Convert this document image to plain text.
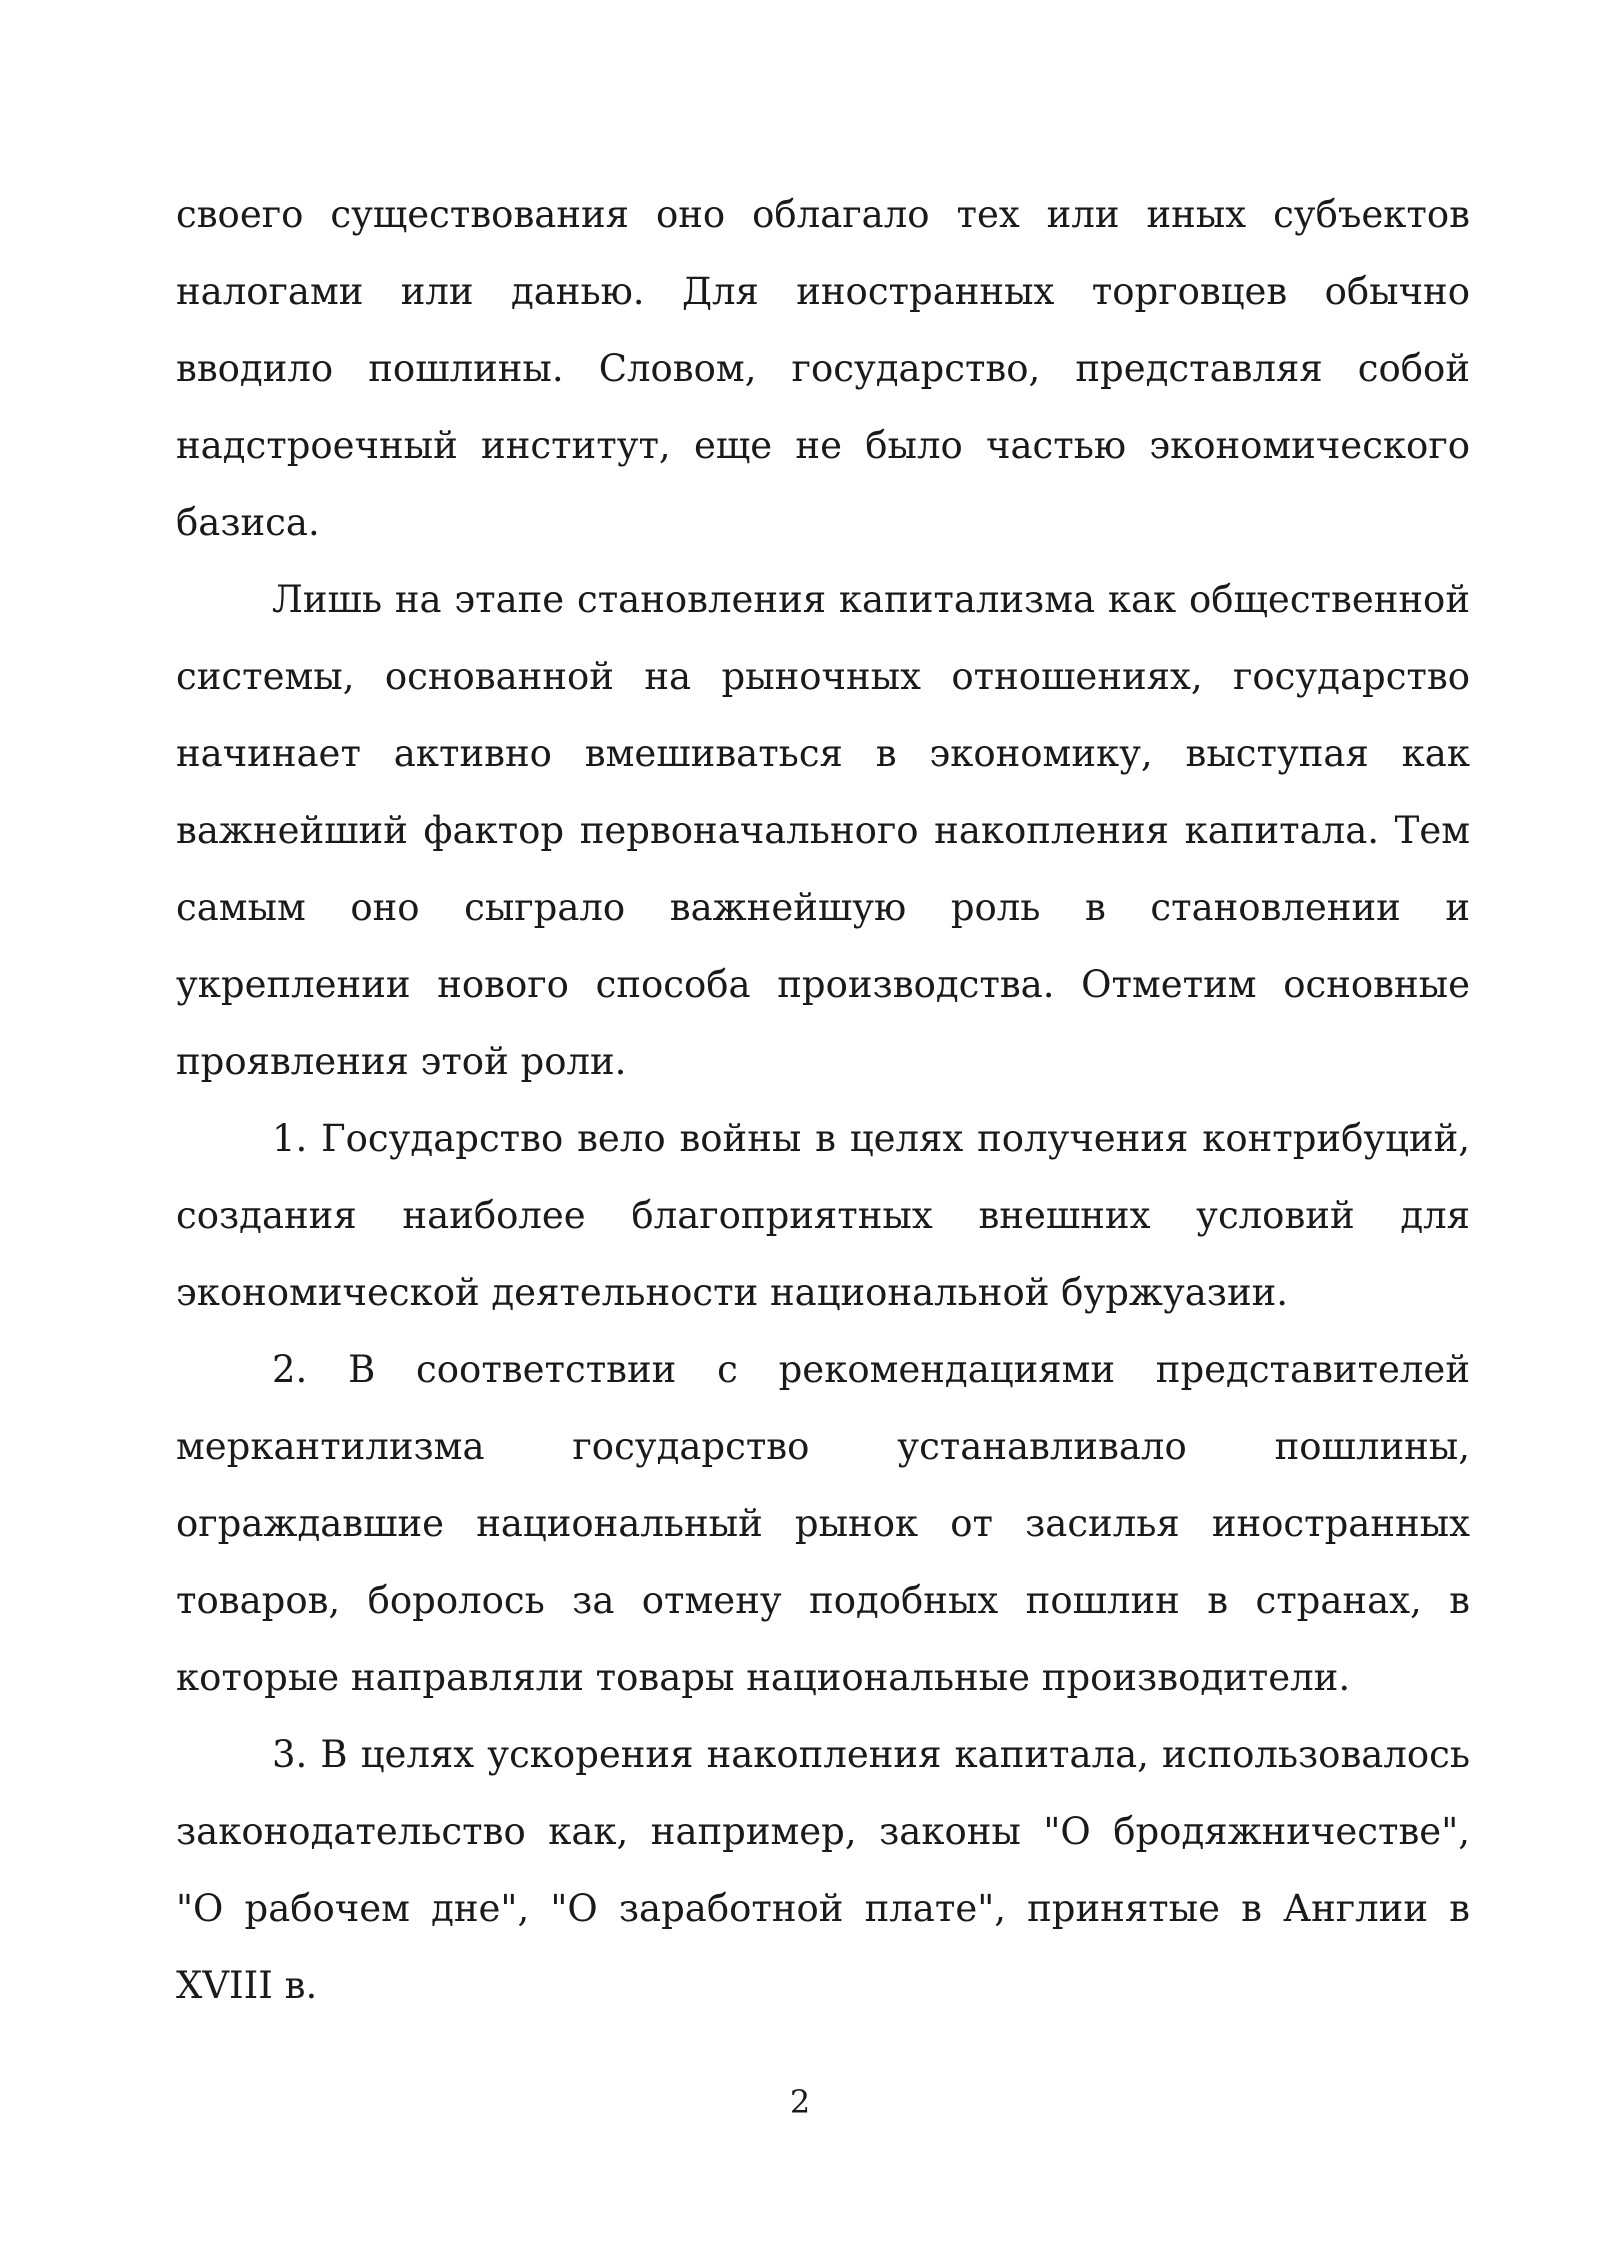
своего существования оно облагало тех или иных субъектов налогами или данью. Для иностранных торговцев обычно вводило пошлины. Словом, государство, представляя собой надстроечный институт, еще не было частью экономического базиса.

Лишь на этапе становления капитализма как общественной системы, основанной на рыночных отношениях, государство начинает активно вмешиваться в экономику, выступая как важнейший фактор первоначального накопления капитала. Тем самым оно сыграло важнейшую роль в становлении и укреплении нового способа производства. Отметим основные проявления этой роли.

1. Государство вело войны в целях получения контрибуций, создания наиболее благоприятных внешних условий для экономической деятельности национальной буржуазии.

2. В соответствии с рекомендациями представителей меркантилизма государство устанавливало пошлины, ограждавшие национальный рынок от засилья иностранных товаров, боролось за отмену подобных пошлин в странах, в которые направляли товары национальные производители.

3. В целях ускорения накопления капитала, использовалось законодательство как, например, законы "О бродяжничестве", "О рабочем дне", "О заработной плате", принятые в Англии в XVIII в.

2
